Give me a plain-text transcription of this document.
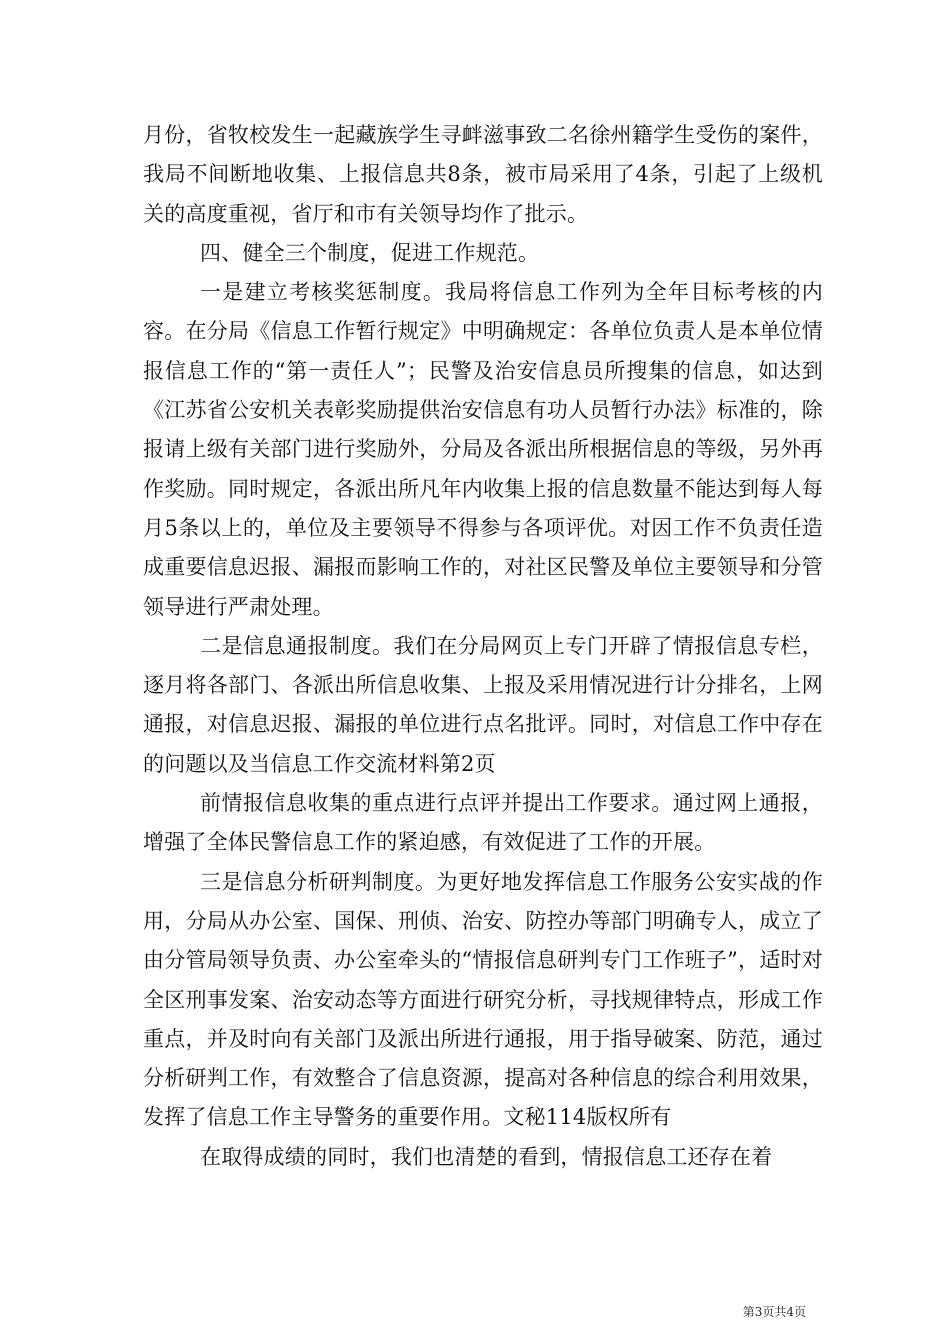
月份，省牧校发生一起藏族学生寻衅滋事致二名徐州籍学生受伤的案件，我局不间断地收集、上报信息共8条，被市局采用了4条，引起了上级机关的高度重视，省厅和市有关领导均作了批示。

四、健全三个制度，促进工作规范。

一是建立考核奖惩制度。我局将信息工作列为全年目标考核的内容。在分局《信息工作暂行规定》中明确规定：各单位负责人是本单位情报信息工作的“第一责任人”；民警及治安信息员所搜集的信息，如达到《江苏省公安机关表彰奖励提供治安信息有功人员暂行办法》标准的，除报请上级有关部门进行奖励外，分局及各派出所根据信息的等级，另外再作奖励。同时规定，各派出所凡年内收集上报的信息数量不能达到每人每月5条以上的，单位及主要领导不得参与各项评优。对因工作不负责任造成重要信息迟报、漏报而影响工作的，对社区民警及单位主要领导和分管领导进行严肃处理。

二是信息通报制度。我们在分局网页上专门开辟了情报信息专栏，逐月将各部门、各派出所信息收集、上报及采用情况进行计分排名，上网通报，对信息迟报、漏报的单位进行点名批评。同时，对信息工作中存在的问题以及当信息工作交流材料第2页

前情报信息收集的重点进行点评并提出工作要求。通过网上通报，增强了全体民警信息工作的紧迫感，有效促进了工作的开展。

三是信息分析研判制度。为更好地发挥信息工作服务公安实战的作用，分局从办公室、国保、刑侦、治安、防控办等部门明确专人，成立了由分管局领导负责、办公室牵头的“情报信息研判专门工作班子”，适时对全区刑事发案、治安动态等方面进行研究分析，寻找规律特点，形成工作重点，并及时向有关部门及派出所进行通报，用于指导破案、防范，通过分析研判工作，有效整合了信息资源，提高对各种信息的综合利用效果，发挥了信息工作主导警务的重要作用。文秘114版权所有

在取得成绩的同时，我们也清楚的看到，情报信息工还存在着

第3页共4页
